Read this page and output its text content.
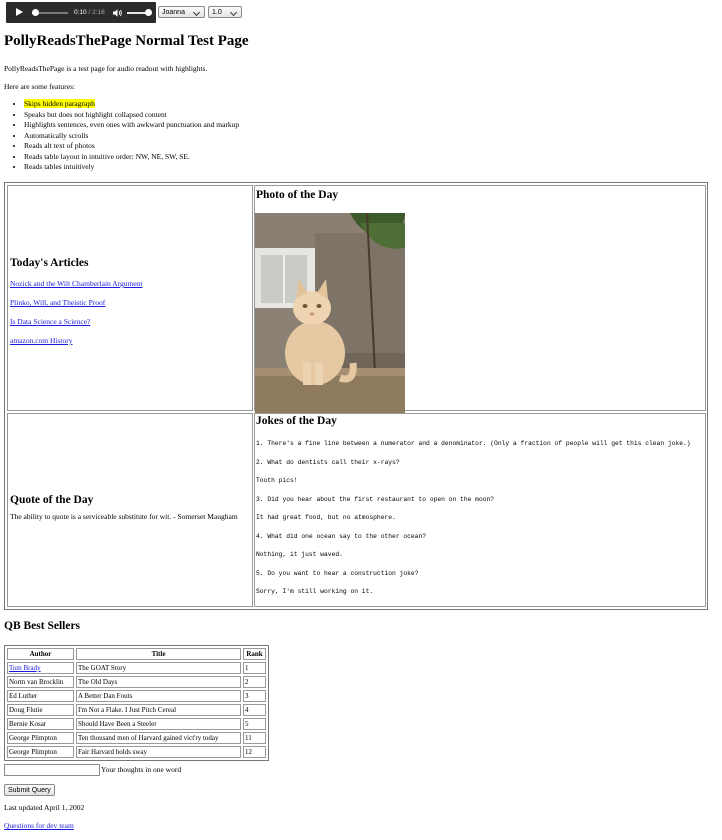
0:10 / 2:16	Joanna	1.0
PollyReadsThePage Normal Test Page

PollyReadsThePage is a test page for audio readout with highlights.

Here are some features:

• Skips hidden paragraph
• Speaks but does not highlight collapsed content
• Highlights sentences, even ones with awkward punctuation and markup
• Automatically scrolls
• Reads alt text of photos
• Reads table layout in intuitive order: NW, NE, SW, SE.
• Reads tables intuitively
Today's Articles

Nozick and the Wilt Chamberlain Argument

Plinko, Will, and Theistic Proof

Is Data Science a Science?

amazon.com History

Photo of the Day
Quote of the Day

The ability to quote is a serviceable substitute for wit. - Somerset Maugham

Jokes of the Day

1. There's a fine line between a numerator and a denominator. (Only a fraction of people will get this clean joke.)

2. What do dentists call their x-rays?

Tooth pics!

3. Did you hear about the first restaurant to open on the moon?

It had great food, but no atmosphere.

4. What did one ocean say to the other ocean?

Nothing, it just waved.

5. Do you want to hear a construction joke?

Sorry, I'm still working on it.

QB Best Sellers
Author	Title	Rank
Tom Brady	The GOAT Story	1
Norm van Brocklin	The Old Days	2
Ed Luther	A Better Dan Fouts	3
Doug Flutie	I'm Not a Flake. I Just Pitch Cereal	4
Bernie Kosar	Should Have Been a Steeler	5
George Plimpton	Ten thousand men of Harvard gained vict'ry today	11
George Plimpton	Fair Harvard holds sway	12
Your thoughts in one word
Submit Query

Last updated April 1, 2002

Questions for dev team
